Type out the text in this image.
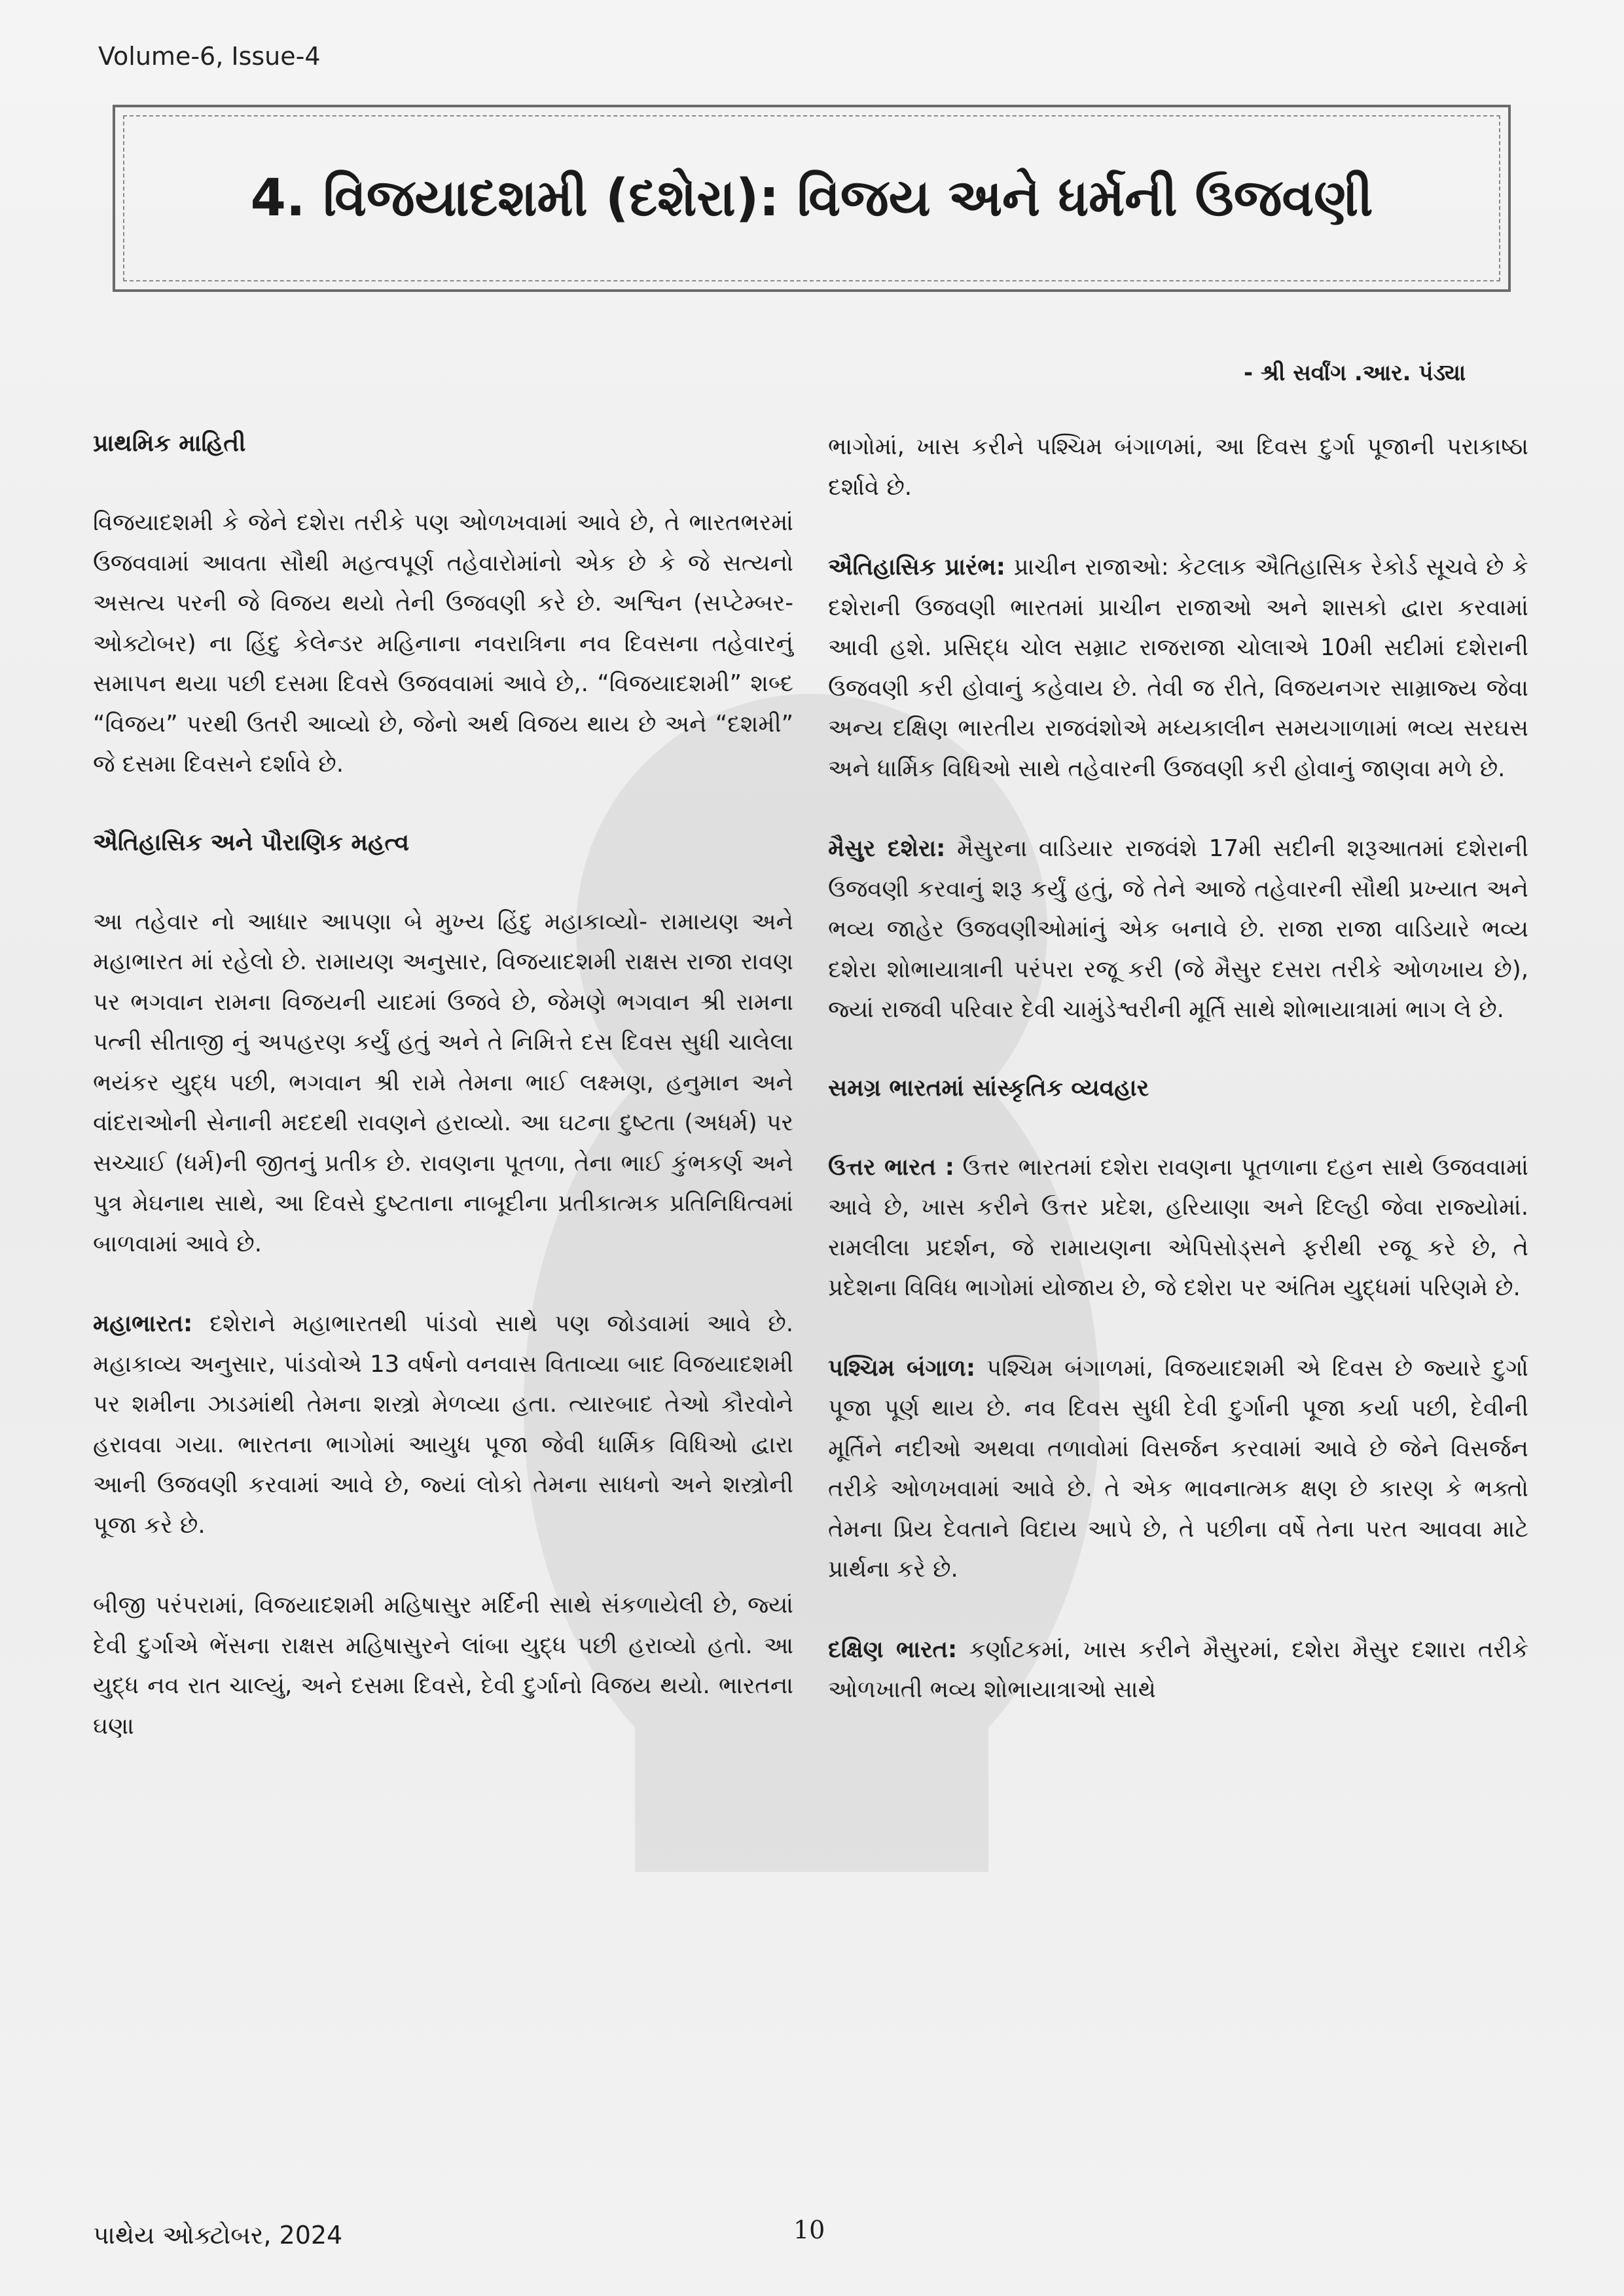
Volume-6, Issue-4
4. વિજયાદશમી (દશેરા): વિજય અને ધર્મની ઉજવણી
- શ્રી સર્વાંગ .આર. પંડ્યા
પ્રાથમિક માહિતી

વિજયાદશમી કે જેને દશેરા તરીકે પણ ઓળખવામાં આવે છે, તે ભારતભરમાં ઉજવવામાં આવતા સૌથી મહત્વપૂર્ણ તહેવારોમાંનો એક છે કે જે સત્યનો અસત્ય પરની જે વિજય થયો તેની ઉજવણી કરે છે. અશ્વિન (સપ્ટેમ્બર-ઓક્ટોબર) ના હિંદુ કેલેન્ડર મહિનાના નવરાત્રિના નવ દિવસના તહેવારનું સમાપન થયા પછી દસમા દિવસે ઉજવવામાં આવે છે,. “વિજયાદશમી” શબ્દ “વિજય” પરથી ઉતરી આવ્યો છે, જેનો અર્થ વિજય થાય છે અને “દશમી” જે દસમા દિવસને દર્શાવે છે.

ઐતિહાસિક અને પૌરાણિક મહત્વ

આ તહેવાર નો આધાર આપણા બે મુખ્ય હિંદુ મહાકાવ્યો- રામાયણ અને મહાભારત માં રહેલો છે. રામાયણ અનુસાર, વિજયાદશમી રાક્ષસ રાજા રાવણ પર ભગવાન રામના વિજયની યાદમાં ઉજવે છે, જેમણે ભગવાન શ્રી રામના પત્ની સીતાજી નું અપહરણ કર્યું હતું અને તે નિમિત્તે દસ દિવસ સુધી ચાલેલા ભયંકર યુદ્ધ પછી, ભગવાન શ્રી રામે તેમના ભાઈ લક્ષ્મણ, હનુમાન અને વાંદરાઓની સેનાની મદદથી રાવણને હરાવ્યો. આ ઘટના દુષ્ટતા (અધર્મ) પર સચ્ચાઈ (ધર્મ)ની જીતનું પ્રતીક છે. રાવણના પૂતળા, તેના ભાઈ કુંભકર્ણ અને પુત્ર મેઘનાથ સાથે, આ દિવસે દુષ્ટતાના નાબૂદીના પ્રતીકાત્મક પ્રતિનિધિત્વમાં બાળવામાં આવે છે.

મહાભારત: દશેરાને મહાભારતથી પાંડવો સાથે પણ જોડવામાં આવે છે. મહાકાવ્ય અનુસાર, પાંડવોએ 13 વર્ષનો વનવાસ વિતાવ્યા બાદ વિજયાદશમી પર શમીના ઝાડમાંથી તેમના શસ્ત્રો મેળવ્યા હતા. ત્યારબાદ તેઓ કૌરવોને હરાવવા ગયા. ભારતના ભાગોમાં આયુધ પૂજા જેવી ધાર્મિક વિધિઓ દ્વારા આની ઉજવણી કરવામાં આવે છે, જ્યાં લોકો તેમના સાધનો અને શસ્ત્રોની પૂજા કરે છે.

બીજી પરંપરામાં, વિજયાદશમી મહિષાસુર મર્દિની સાથે સંકળાયેલી છે, જ્યાં દેવી દુર્ગાએ ભેંસના રાક્ષસ મહિષાસુરને લાંબા યુદ્ધ પછી હરાવ્યો હતો. આ યુદ્ધ નવ રાત ચાલ્યું, અને દસમા દિવસે, દેવી દુર્ગાનો વિજય થયો. ભારતના ઘણા

ભાગોમાં, ખાસ કરીને પશ્ચિમ બંગાળમાં, આ દિવસ દુર્ગા પૂજાની પરાકાષ્ઠા દર્શાવે છે.

ઐતિહાસિક પ્રારંભ: પ્રાચીન રાજાઓ: કેટલાક ઐતિહાસિક રેકોર્ડ સૂચવે છે કે દશેરાની ઉજવણી ભારતમાં પ્રાચીન રાજાઓ અને શાસકો દ્વારા કરવામાં આવી હશે. પ્રસિદ્ધ ચોલ સમ્રાટ રાજરાજા ચોલાએ 10મી સદીમાં દશેરાની ઉજવણી કરી હોવાનું કહેવાય છે. તેવી જ રીતે, વિજયનગર સામ્રાજ્ય જેવા અન્ય દક્ષિણ ભારતીય રાજવંશોએ મધ્યકાલીન સમયગાળામાં ભવ્ય સરઘસ અને ધાર્મિક વિધિઓ સાથે તહેવારની ઉજવણી કરી હોવાનું જાણવા મળે છે.

મૈસુર દશેરા: મૈસુરના વાડિયાર રાજવંશે 17મી સદીની શરૂઆતમાં દશેરાની ઉજવણી કરવાનું શરૂ કર્યું હતું, જે તેને આજે તહેવારની સૌથી પ્રખ્યાત અને ભવ્ય જાહેર ઉજવણીઓમાંનું એક બનાવે છે. રાજા રાજા વાડિયારે ભવ્ય દશેરા શોભાયાત્રાની પરંપરા રજૂ કરી (જે મૈસુર દસરા તરીકે ઓળખાય છે), જ્યાં રાજવી પરિવાર દેવી ચામુંડેશ્વરીની મૂર્તિ સાથે શોભાયાત્રામાં ભાગ લે છે.

સમગ્ર ભારતમાં સાંસ્કૃતિક વ્યવહાર

ઉત્તર ભારત : ઉત્તર ભારતમાં દશેરા રાવણના પૂતળાના દહન સાથે ઉજવવામાં આવે છે, ખાસ કરીને ઉત્તર પ્રદેશ, હરિયાણા અને દિલ્હી જેવા રાજ્યોમાં. રામલીલા પ્રદર્શન, જે રામાયણના એપિસોડ્સને ફરીથી રજૂ કરે છે, તે પ્રદેશના વિવિધ ભાગોમાં યોજાય છે, જે દશેરા પર અંતિમ યુદ્ધમાં પરિણમે છે.

પશ્ચિમ બંગાળ: પશ્ચિમ બંગાળમાં, વિજયાદશમી એ દિવસ છે જ્યારે દુર્ગા પૂજા પૂર્ણ થાય છે. નવ દિવસ સુધી દેવી દુર્ગાની પૂજા કર્યા પછી, દેવીની મૂર્તિને નદીઓ અથવા તળાવોમાં વિસર્જન કરવામાં આવે છે જેને વિસર્જન તરીકે ઓળખવામાં આવે છે. તે એક ભાવનાત્મક ક્ષણ છે કારણ કે ભક્તો તેમના પ્રિય દેવતાને વિદાય આપે છે, તે પછીના વર્ષે તેના પરત આવવા માટે પ્રાર્થના કરે છે.

દક્ષિણ ભારત: કર્ણાટકમાં, ખાસ કરીને મૈસુરમાં, દશેરા મૈસુર દશારા તરીકે ઓળખાતી ભવ્ય શોભાયાત્રાઓ સાથે

પાથેય ઓક્ટોબર, 2024	10
